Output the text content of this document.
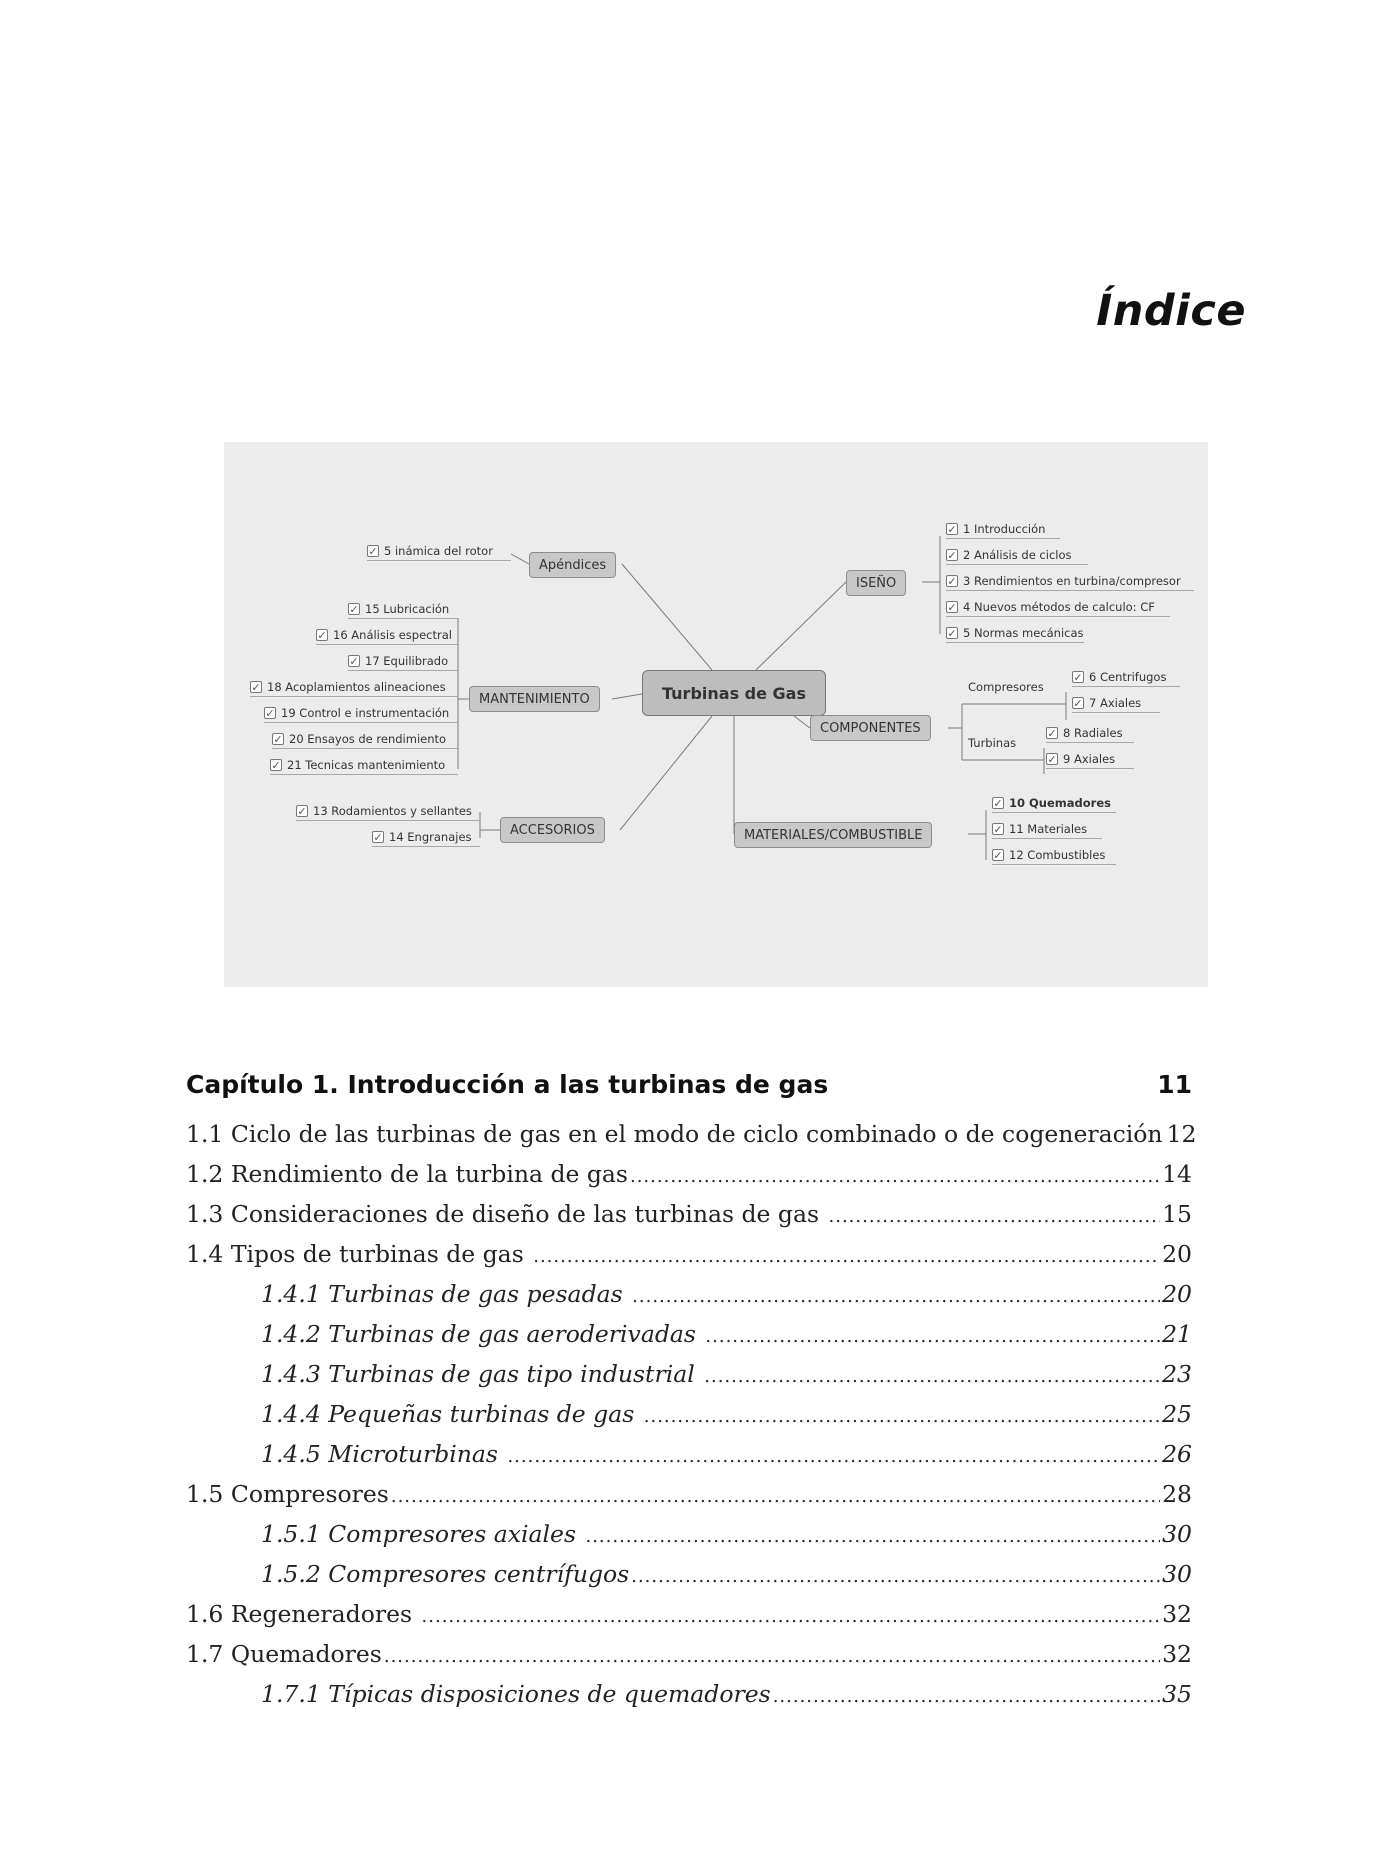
Índice
Turbinas de Gas
Apéndices
MANTENIMIENTO
ACCESORIOS
ISEÑO
COMPONENTES
MATERIALES/COMBUSTIBLE
✓ 5 inámica del rotor
✓ 15 Lubricación
✓ 16 Análisis espectral
✓ 17 Equilibrado
✓ 18 Acoplamientos alineaciones
✓ 19 Control e instrumentación
✓ 20 Ensayos de rendimiento
✓ 21 Tecnicas mantenimiento
✓ 13 Rodamientos y sellantes
✓ 14 Engranajes
✓ 1 Introducción
✓ 2 Análisis de ciclos
✓ 3 Rendimientos en turbina/compresor
✓ 4 Nuevos métodos de calculo: CF
✓ 5 Normas mecánicas
Compresores
Turbinas
✓ 6 Centrifugos
✓ 7 Axiales
✓ 8 Radiales
✓ 9 Axiales
✓ 10 Quemadores
✓ 11 Materiales
✓ 12 Combustibles
Capítulo 1. Introducción a las turbinas de gas	11
1.1 Ciclo de las turbinas de gas en el modo de ciclo combinado o de cogeneración 12
1.2 Rendimiento de la turbina de gas .....	14
1.3 Consideraciones de diseño de las turbinas de gas .....	15
1.4 Tipos de turbinas de gas .....	20
1.4.1 Turbinas de gas pesadas .....	20
1.4.2 Turbinas de gas aeroderivadas .....	21
1.4.3 Turbinas de gas tipo industrial .....	23
1.4.4 Pequeñas turbinas de gas .....	25
1.4.5 Microturbinas .....	26
1.5 Compresores .....	28
1.5.1 Compresores axiales .....	30
1.5.2 Compresores centrífugos .....	30
1.6 Regeneradores .....	32
1.7 Quemadores .....	32
1.7.1 Típicas disposiciones de quemadores .....	35
